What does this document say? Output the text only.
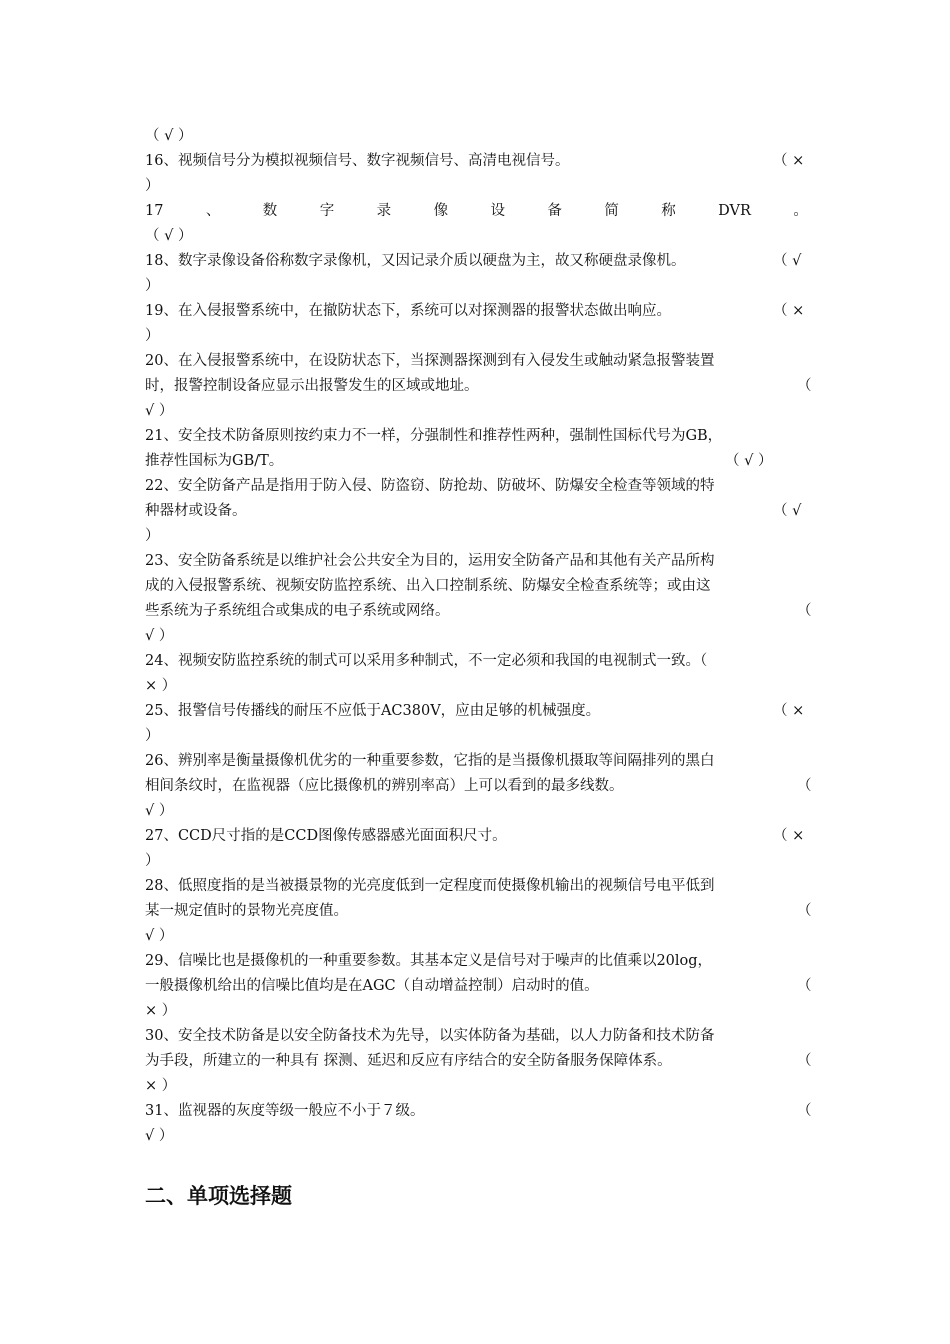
（ √ ）
16、视频信号分为模拟视频信号、数字视频信号、高清电视信号。	（ ×
）
17	、	数	字	录	像	设	备	简	称	DVR	。
（ √ ）
18、数字录像设备俗称数字录像机，又因记录介质以硬盘为主，故又称硬盘录像机。	（ √
）
19、在入侵报警系统中，在撤防状态下，系统可以对探测器的报警状态做出响应。	（ ×
）
20、在入侵报警系统中，在设防状态下，当探测器探测到有入侵发生或触动紧急报警装置
时，报警控制设备应显示出报警发生的区域或地址。	（
√ ）
21、安全技术防备原则按约束力不一样，分强制性和推荐性两种，强制性国标代号为GB，
推荐性国标为GB/T。	（ √ ）
22、安全防备产品是指用于防入侵、防盗窃、防抢劫、防破坏、防爆安全检查等领域的特
种器材或设备。	（ √
）
23、安全防备系统是以维护社会公共安全为目的，运用安全防备产品和其他有关产品所构
成的入侵报警系统、视频安防监控系统、出入口控制系统、防爆安全检查系统等；或由这
些系统为子系统组合或集成的电子系统或网络。	（
√ ）
24、视频安防监控系统的制式可以采用多种制式，不一定必须和我国的电视制式一致。（
× ）
25、报警信号传播线的耐压不应低于AC380V，应由足够的机械强度。	（ ×
）
26、辨别率是衡量摄像机优劣的一种重要参数，它指的是当摄像机摄取等间隔排列的黑白
相间条纹时，在监视器（应比摄像机的辨别率高）上可以看到的最多线数。	（
√ ）
27、CCD尺寸指的是CCD图像传感器感光面面积尺寸。	（ ×
）
28、低照度指的是当被摄景物的光亮度低到一定程度而使摄像机输出的视频信号电平低到
某一规定值时的景物光亮度值。	（
√ ）
29、信噪比也是摄像机的一种重要参数。其基本定义是信号对于噪声的比值乘以20log，
一般摄像机给出的信噪比值均是在AGC（自动增益控制）启动时的值。	（
× ）
30、安全技术防备是以安全防备技术为先导，以实体防备为基础，以人力防备和技术防备
为手段，所建立的一种具有 探测、延迟和反应有序结合的安全防备服务保障体系。	（
× ）
31、监视器的灰度等级一般应不小于７级。	（
√ ）
二、单项选择题
